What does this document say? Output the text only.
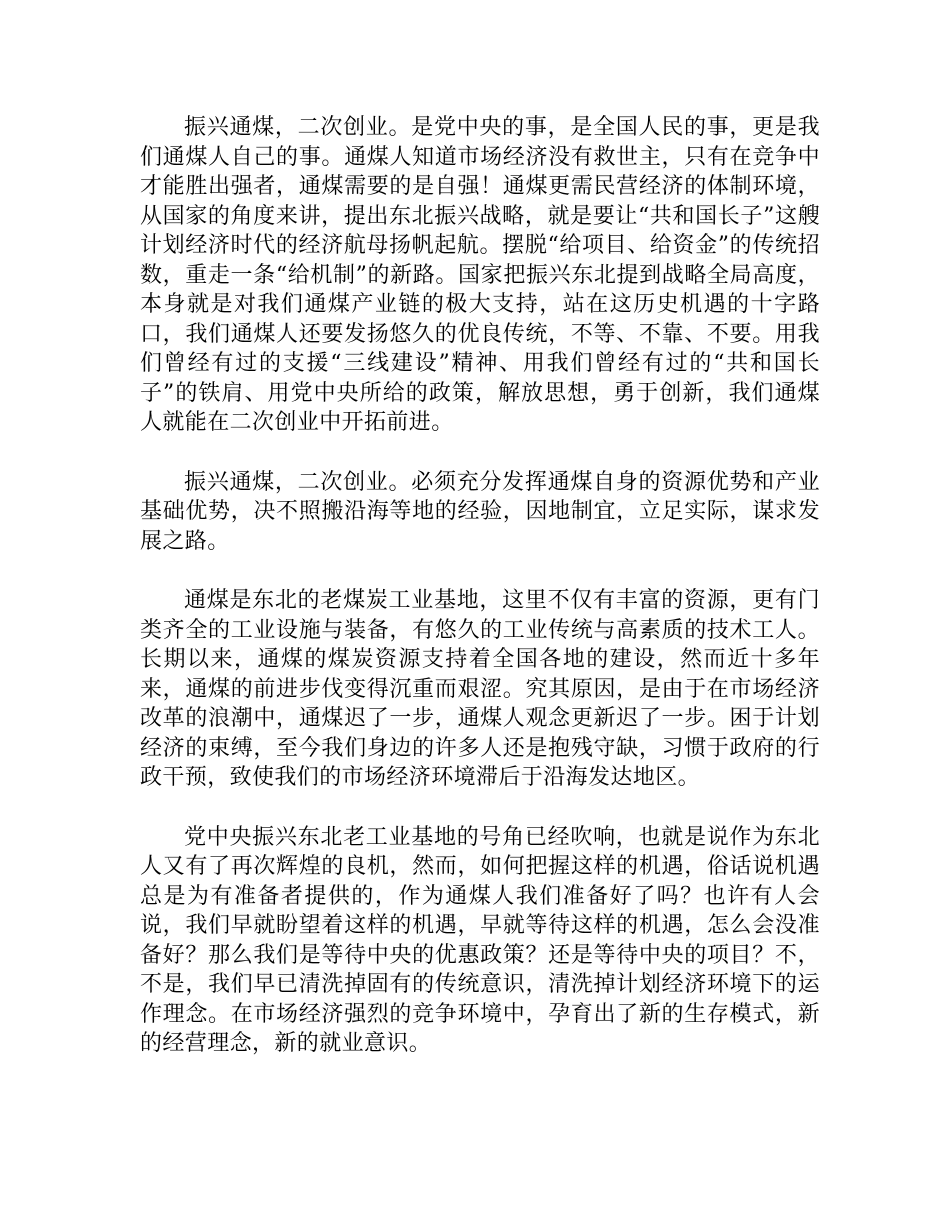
振兴通煤，二次创业。是党中央的事，是全国人民的事，更是我们通煤人自己的事。通煤人知道市场经济没有救世主，只有在竞争中才能胜出强者，通煤需要的是自强！通煤更需民营经济的体制环境，从国家的角度来讲，提出东北振兴战略，就是要让“共和国长子”这艘计划经济时代的经济航母扬帆起航。摆脱“给项目、给资金”的传统招数，重走一条“给机制”的新路。国家把振兴东北提到战略全局高度，本身就是对我们通煤产业链的极大支持，站在这历史机遇的十字路口，我们通煤人还要发扬悠久的优良传统，不等、不靠、不要。用我们曾经有过的支援“三线建设”精神、用我们曾经有过的“共和国长子”的铁肩、用党中央所给的政策，解放思想，勇于创新，我们通煤人就能在二次创业中开拓前进。

振兴通煤，二次创业。必须充分发挥通煤自身的资源优势和产业基础优势，决不照搬沿海等地的经验，因地制宜，立足实际，谋求发展之路。

通煤是东北的老煤炭工业基地，这里不仅有丰富的资源，更有门类齐全的工业设施与装备，有悠久的工业传统与高素质的技术工人。长期以来，通煤的煤炭资源支持着全国各地的建设，然而近十多年来，通煤的前进步伐变得沉重而艰涩。究其原因，是由于在市场经济改革的浪潮中，通煤迟了一步，通煤人观念更新迟了一步。困于计划经济的束缚，至今我们身边的许多人还是抱残守缺，习惯于政府的行政干预，致使我们的市场经济环境滞后于沿海发达地区。

党中央振兴东北老工业基地的号角已经吹响，也就是说作为东北人又有了再次辉煌的良机，然而，如何把握这样的机遇，俗话说机遇总是为有准备者提供的，作为通煤人我们准备好了吗？也许有人会说，我们早就盼望着这样的机遇，早就等待这样的机遇，怎么会没准备好？那么我们是等待中央的优惠政策？还是等待中央的项目？不，不是，我们早已清洗掉固有的传统意识，清洗掉计划经济环境下的运作理念。在市场经济强烈的竞争环境中，孕育出了新的生存模式，新的经营理念，新的就业意识。
